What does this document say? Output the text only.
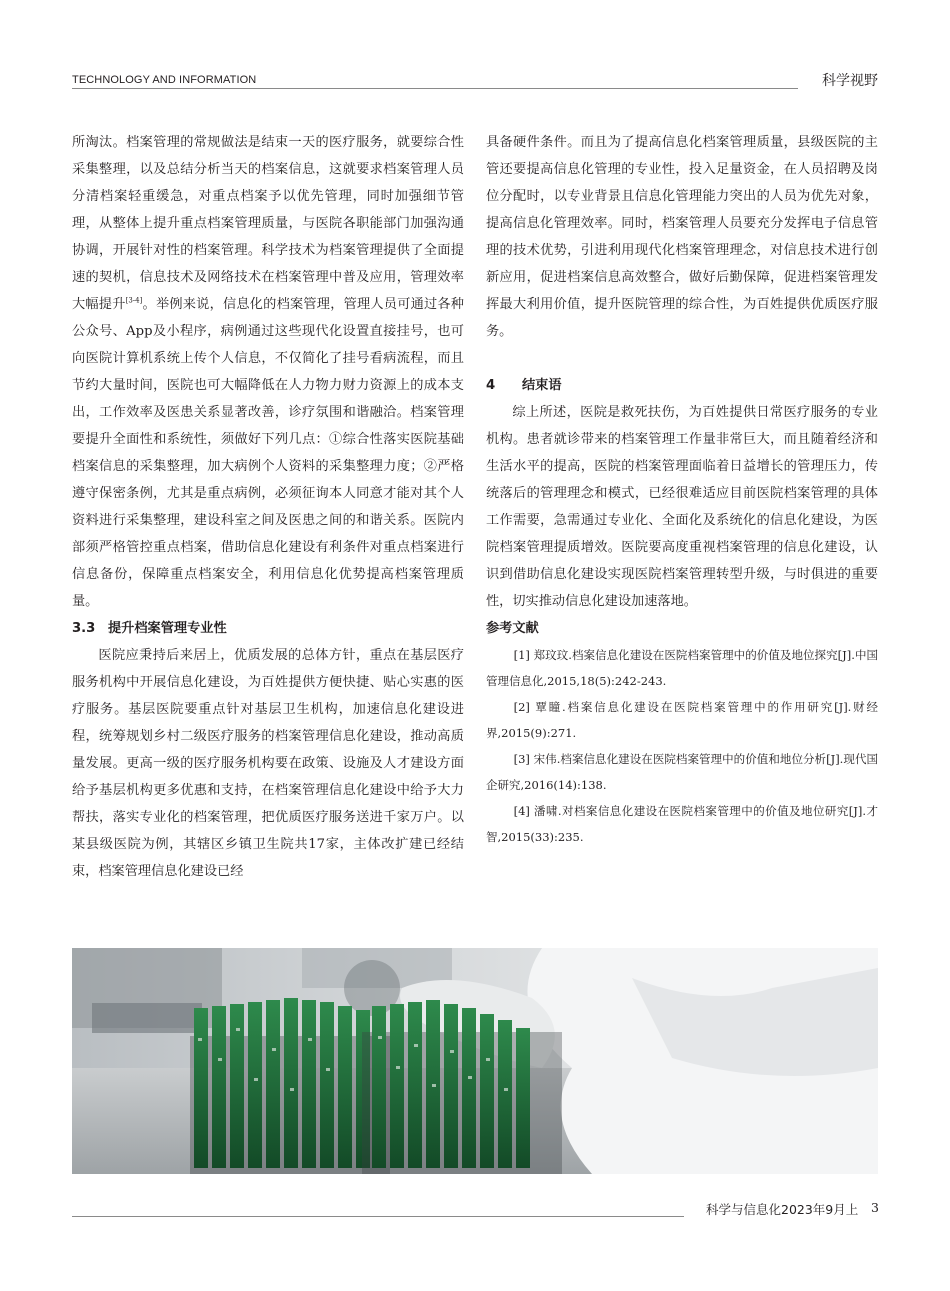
TECHNOLOGY AND INFORMATION	科学视野

所淘汰。档案管理的常规做法是结束一天的医疗服务，就要综合性采集整理，以及总结分析当天的档案信息，这就要求档案管理人员分清档案轻重缓急，对重点档案予以优先管理，同时加强细节管理，从整体上提升重点档案管理质量，与医院各职能部门加强沟通协调，开展针对性的档案管理。科学技术为档案管理提供了全面提速的契机，信息技术及网络技术在档案管理中普及应用，管理效率大幅提升[3-4]。举例来说，信息化的档案管理，管理人员可通过各种公众号、App及小程序，病例通过这些现代化设置直接挂号，也可向医院计算机系统上传个人信息，不仅简化了挂号看病流程，而且节约大量时间，医院也可大幅降低在人力物力财力资源上的成本支出，工作效率及医患关系显著改善，诊疗氛围和谐融洽。档案管理要提升全面性和系统性，须做好下列几点：①综合性落实医院基础档案信息的采集整理，加大病例个人资料的采集整理力度；②严格遵守保密条例，尤其是重点病例，必须征询本人同意才能对其个人资料进行采集整理，建设科室之间及医患之间的和谐关系。医院内部须严格管控重点档案，借助信息化建设有利条件对重点档案进行信息备份，保障重点档案安全，利用信息化优势提高档案管理质量。

3.3 提升档案管理专业性

医院应秉持后来居上，优质发展的总体方针，重点在基层医疗服务机构中开展信息化建设，为百姓提供方便快捷、贴心实惠的医疗服务。基层医院要重点针对基层卫生机构，加速信息化建设进程，统筹规划乡村二级医疗服务的档案管理信息化建设，推动高质量发展。更高一级的医疗服务机构要在政策、设施及人才建设方面给予基层机构更多优惠和支持，在档案管理信息化建设中给予大力帮扶，落实专业化的档案管理，把优质医疗服务送进千家万户。以某县级医院为例，其辖区乡镇卫生院共17家，主体改扩建已经结束，档案管理信息化建设已经

具备硬件条件。而且为了提高信息化档案管理质量，县级医院的主管还要提高信息化管理的专业性，投入足量资金，在人员招聘及岗位分配时，以专业背景且信息化管理能力突出的人员为优先对象，提高信息化管理效率。同时，档案管理人员要充分发挥电子信息管理的技术优势，引进利用现代化档案管理理念，对信息技术进行创新应用，促进档案信息高效整合，做好后勤保障，促进档案管理发挥最大利用价值，提升医院管理的综合性，为百姓提供优质医疗服务。

4 结束语

综上所述，医院是救死扶伤，为百姓提供日常医疗服务的专业机构。患者就诊带来的档案管理工作量非常巨大，而且随着经济和生活水平的提高，医院的档案管理面临着日益增长的管理压力，传统落后的管理理念和模式，已经很难适应目前医院档案管理的具体工作需要，急需通过专业化、全面化及系统化的信息化建设，为医院档案管理提质增效。医院要高度重视档案管理的信息化建设，认识到借助信息化建设实现医院档案管理转型升级，与时俱进的重要性，切实推动信息化建设加速落地。

参考文献

[1] 郑玟玟.档案信息化建设在医院档案管理中的价值及地位探究[J].中国管理信息化,2015,18(5):242-243.

[2] 覃瞳.档案信息化建设在医院档案管理中的作用研究[J].财经界,2015(9):271.

[3] 宋伟.档案信息化建设在医院档案管理中的价值和地位分析[J].现代国企研究,2016(14):138.

[4] 潘啸.对档案信息化建设在医院档案管理中的价值及地位研究[J].才智,2015(33):235.

科学与信息化2023年9月上 3
